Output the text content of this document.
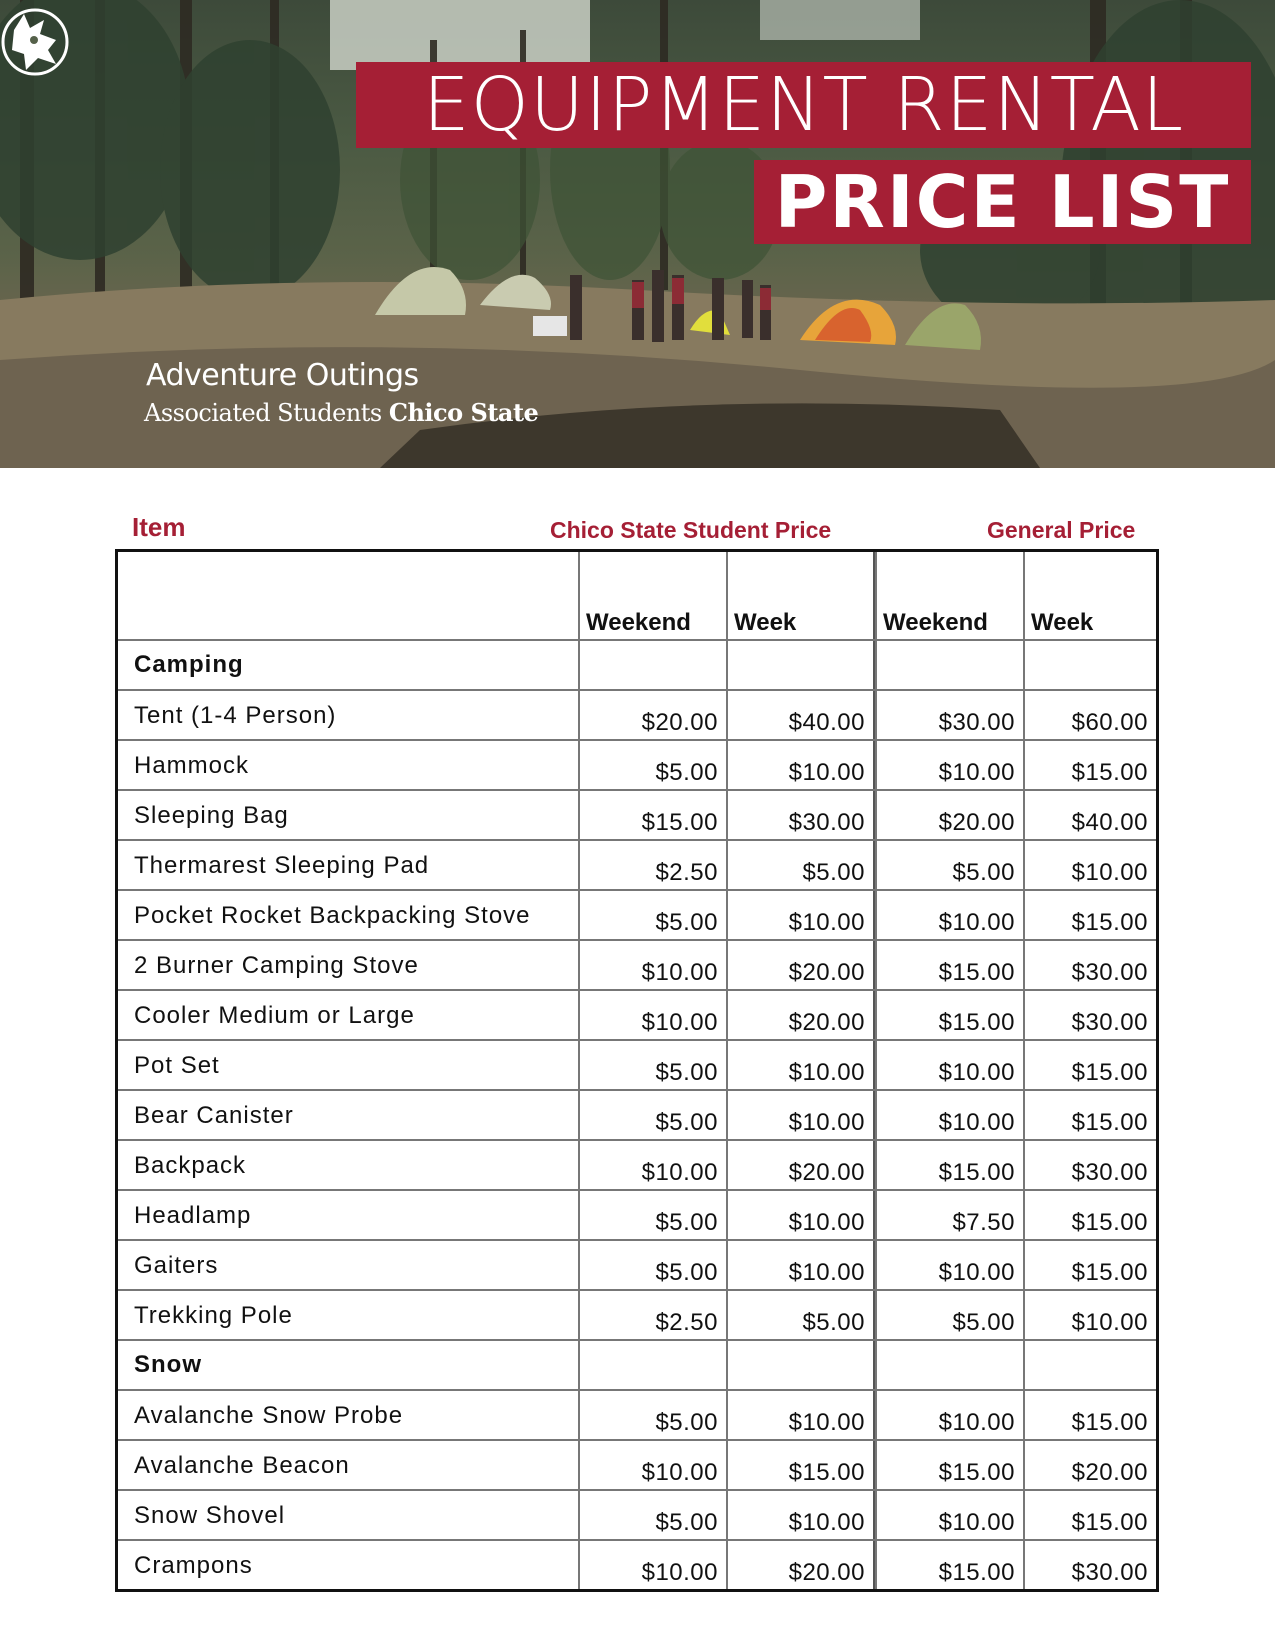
EQUIPMENT RENTAL
PRICE LIST
Adventure Outings
Associated Students Chico State
Item	Chico State Student Price	General Price
Weekend	Week	Weekend	Week
Camping
Tent (1-4 Person)	$20.00	$40.00	$30.00	$60.00
Hammock	$5.00	$10.00	$10.00	$15.00
Sleeping Bag	$15.00	$30.00	$20.00	$40.00
Thermarest Sleeping Pad	$2.50	$5.00	$5.00	$10.00
Pocket Rocket Backpacking Stove	$5.00	$10.00	$10.00	$15.00
2 Burner Camping Stove	$10.00	$20.00	$15.00	$30.00
Cooler Medium or Large	$10.00	$20.00	$15.00	$30.00
Pot Set	$5.00	$10.00	$10.00	$15.00
Bear Canister	$5.00	$10.00	$10.00	$15.00
Backpack	$10.00	$20.00	$15.00	$30.00
Headlamp	$5.00	$10.00	$7.50	$15.00
Gaiters	$5.00	$10.00	$10.00	$15.00
Trekking Pole	$2.50	$5.00	$5.00	$10.00
Snow
Avalanche Snow Probe	$5.00	$10.00	$10.00	$15.00
Avalanche Beacon	$10.00	$15.00	$15.00	$20.00
Snow Shovel	$5.00	$10.00	$10.00	$15.00
Crampons	$10.00	$20.00	$15.00	$30.00
